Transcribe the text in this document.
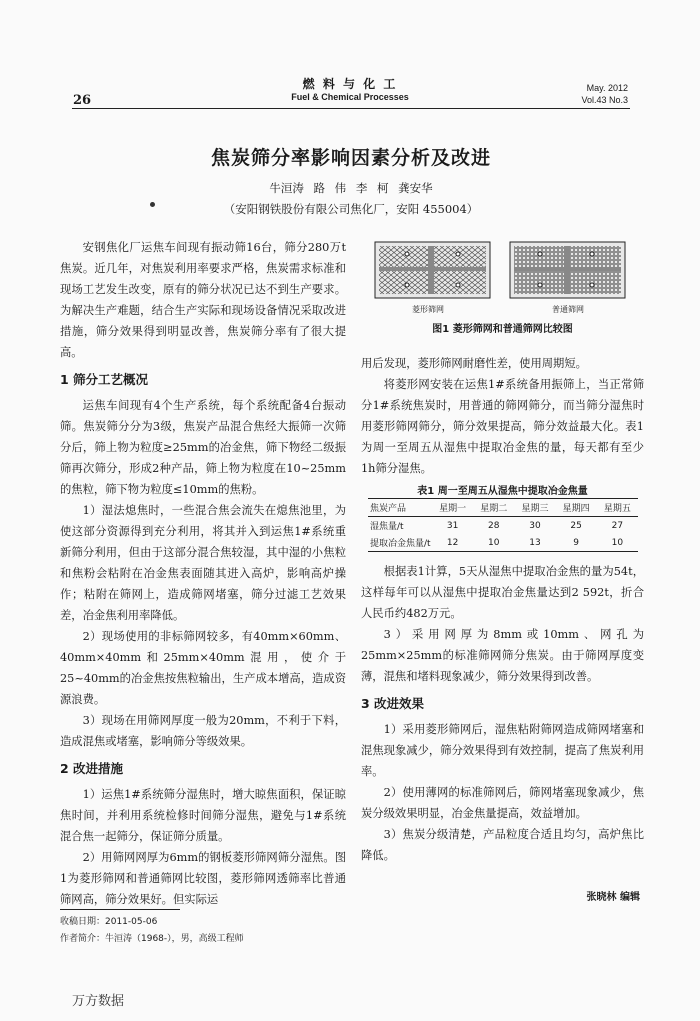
26
燃 料 与 化 工
Fuel & Chemical Processes
May. 2012
Vol.43 No.3
焦炭筛分率影响因素分析及改进
牛洹涛 路 伟 李 柯 龚安华
（安阳钢铁股份有限公司焦化厂，安阳 455004）

安钢焦化厂运焦车间现有振动筛16台，筛分280万t焦炭。近几年，对焦炭利用率要求严格，焦炭需求标准和现场工艺发生改变，原有的筛分状况已达不到生产要求。为解决生产难题，结合生产实际和现场设备情况采取改进措施，筛分效果得到明显改善，焦炭筛分率有了很大提高。

1 筛分工艺概况

运焦车间现有4个生产系统，每个系统配备4台振动筛。焦炭筛分分为3级，焦炭产品混合焦经大振筛一次筛分后，筛上物为粒度≥25mm的冶金焦，筛下物经二级振筛再次筛分，形成2种产品，筛上物为粒度在10~25mm的焦粒，筛下物为粒度≤10mm的焦粉。

1）湿法熄焦时，一些混合焦会流失在熄焦池里，为使这部分资源得到充分利用，将其并入到运焦1#系统重新筛分利用，但由于这部分混合焦较湿，其中湿的小焦粒和焦粉会粘附在冶金焦表面随其进入高炉，影响高炉操作；粘附在筛网上，造成筛网堵塞，筛分过滤工艺效果差，冶金焦利用率降低。

2）现场使用的非标筛网较多，有40mm×60mm、40mm×40mm和25mm×40mm混用，使介于25~40mm的冶金焦按焦粒输出，生产成本增高，造成资源浪费。

3）现场在用筛网厚度一般为20mm，不利于下料，造成混焦或堵塞，影响筛分等级效果。

2 改进措施

1）运焦1#系统筛分湿焦时，增大晾焦面积，保证晾焦时间，并利用系统检修时间筛分湿焦，避免与1#系统混合焦一起筛分，保证筛分质量。

2）用筛网网厚为6mm的钢板菱形筛网筛分湿焦。图1为菱形筛网和普通筛网比较图，菱形筛网透筛率比普通筛网高，筛分效果好。但实际运

菱形筛网	普通筛网
图1 菱形筛网和普通筛网比较图

用后发现，菱形筛网耐磨性差，使用周期短。

将菱形网安装在运焦1#系统备用振筛上，当正常筛分1#系统焦炭时，用普通的筛网筛分，而当筛分湿焦时用菱形筛网筛分，筛分效果提高，筛分效益最大化。表1为周一至周五从湿焦中提取冶金焦的量，每天都有至少1h筛分湿焦。

表1 周一至周五从湿焦中提取冶金焦量
焦炭产品	星期一	星期二	星期三	星期四	星期五
湿焦量/t	31	28	30	25	27
提取冶金焦量/t	12	10	13	9	10

根据表1计算，5天从湿焦中提取冶金焦的量为54t，这样每年可以从湿焦中提取冶金焦量达到2 592t，折合人民币约482万元。

3）采用网厚为8mm或10mm、网孔为25mm×25mm的标准筛网筛分焦炭。由于筛网厚度变薄，混焦和堵料现象减少，筛分效果得到改善。

3 改进效果

1）采用菱形筛网后，湿焦粘附筛网造成筛网堵塞和混焦现象减少，筛分效果得到有效控制，提高了焦炭利用率。

2）使用薄网的标准筛网后，筛网堵塞现象减少，焦炭分级效果明显，冶金焦量提高，效益增加。

3）焦炭分级清楚，产品粒度合适且均匀，高炉焦比降低。

张晓林 编辑
收稿日期：2011-05-06
作者简介：牛洹涛（1968-），男，高级工程师
万方数据
